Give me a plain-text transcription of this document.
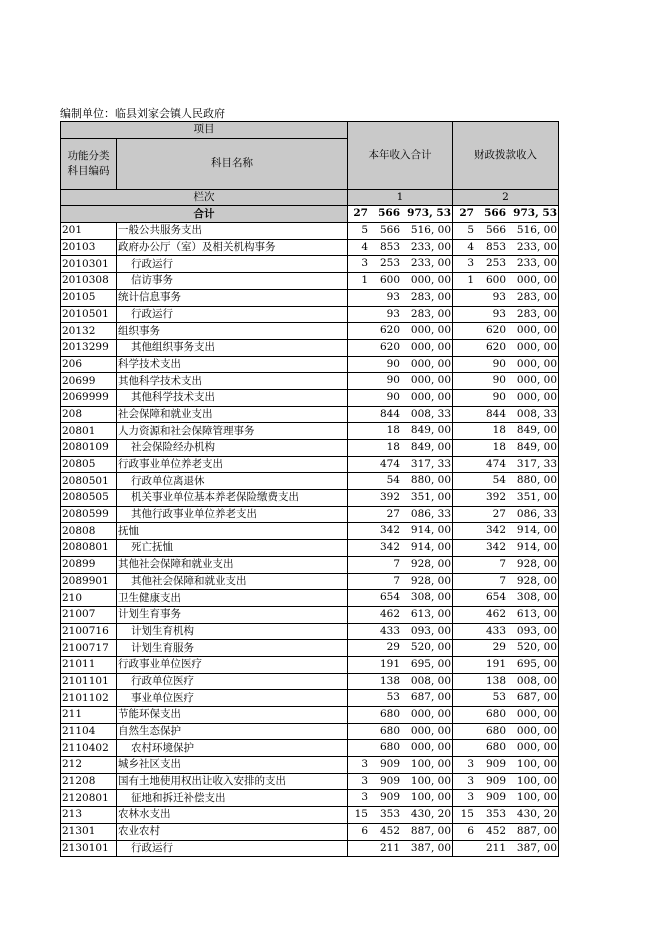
编制单位：临县刘家会镇人民政府
项目		本年收入合计	财政拨款收入

功能分类
科目编码	科目名称		

栏次		1	2
合计		27 566 973, 53	27 566 973, 53

201	一般公共服务支出	5 566 516, 00	5 566 516, 00

20103	政府办公厅（室）及相关机构事务	4 853 233, 00	4 853 233, 00

2010301	行政运行	3 253 233, 00	3 253 233, 00

2010308	信访事务	1 600 000, 00	1 600 000, 00

20105	统计信息事务	93 283, 00	93 283, 00

2010501	行政运行	93 283, 00	93 283, 00

20132	组织事务	620 000, 00	620 000, 00

2013299	其他组织事务支出	620 000, 00	620 000, 00

206	科学技术支出	90 000, 00	90 000, 00

20699	其他科学技术支出	90 000, 00	90 000, 00

2069999	其他科学技术支出	90 000, 00	90 000, 00

208	社会保障和就业支出	844 008, 33	844 008, 33

20801	人力资源和社会保障管理事务	18 849, 00	18 849, 00

2080109	社会保险经办机构	18 849, 00	18 849, 00

20805	行政事业单位养老支出	474 317, 33	474 317, 33

2080501	行政单位离退休	54 880, 00	54 880, 00

2080505	机关事业单位基本养老保险缴费支出	392 351, 00	392 351, 00

2080599	其他行政事业单位养老支出	27 086, 33	27 086, 33

20808	抚恤	342 914, 00	342 914, 00

2080801	死亡抚恤	342 914, 00	342 914, 00

20899	其他社会保障和就业支出	7 928, 00	7 928, 00

2089901	其他社会保障和就业支出	7 928, 00	7 928, 00

210	卫生健康支出	654 308, 00	654 308, 00

21007	计划生育事务	462 613, 00	462 613, 00

2100716	计划生育机构	433 093, 00	433 093, 00

2100717	计划生育服务	29 520, 00	29 520, 00

21011	行政事业单位医疗	191 695, 00	191 695, 00

2101101	行政单位医疗	138 008, 00	138 008, 00

2101102	事业单位医疗	53 687, 00	53 687, 00

211	节能环保支出	680 000, 00	680 000, 00

21104	自然生态保护	680 000, 00	680 000, 00

2110402	农村环境保护	680 000, 00	680 000, 00

212	城乡社区支出	3 909 100, 00	3 909 100, 00

21208	国有土地使用权出让收入安排的支出	3 909 100, 00	3 909 100, 00

2120801	征地和拆迁补偿支出	3 909 100, 00	3 909 100, 00

213	农林水支出	15 353 430, 20	15 353 430, 20

21301	农业农村	6 452 887, 00	6 452 887, 00

2130101	行政运行	211 387, 00	211 387, 00
